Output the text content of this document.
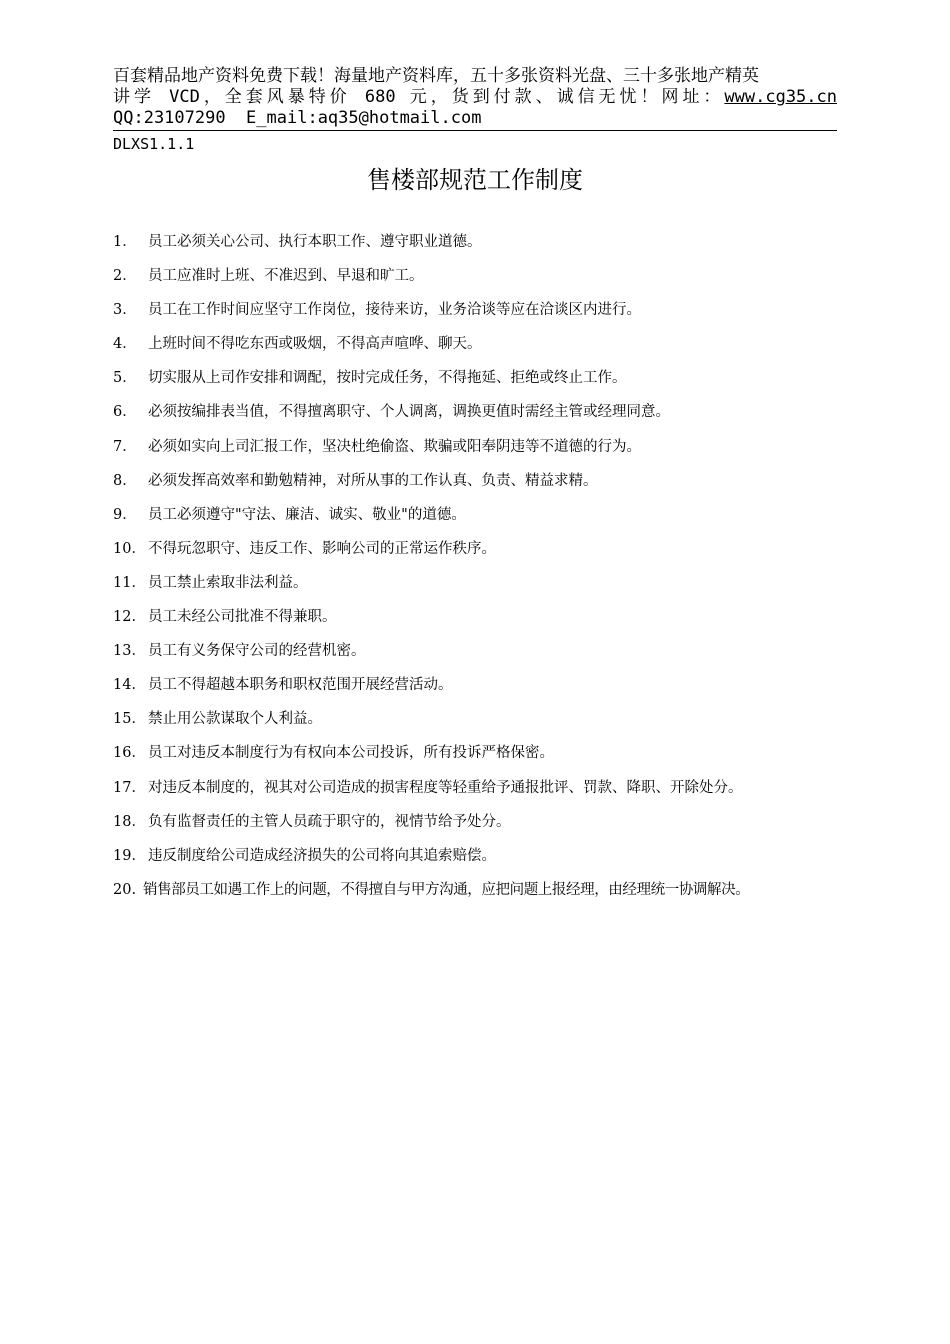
百套精品地产资料免费下载！海量地产资料库，五十多张资料光盘、三十多张地产精英
讲学 VCD，全套风暴特价 680 元，货到付款、诚信无忧！网址：www.cg35.cn
QQ:23107290  E_mail:aq35@hotmail.com
DLXS1.1.1
售楼部规范工作制度
1． 员工必须关心公司、执行本职工作、遵守职业道德。
2． 员工应准时上班、不准迟到、早退和旷工。
3． 员工在工作时间应坚守工作岗位，接待来访，业务洽谈等应在洽谈区内进行。
4． 上班时间不得吃东西或吸烟，不得高声喧哗、聊天。
5． 切实服从上司作安排和调配，按时完成任务，不得拖延、拒绝或终止工作。
6． 必须按编排表当值，不得擅离职守、个人调离，调换更值时需经主管或经理同意。
7． 必须如实向上司汇报工作，坚决杜绝偷盗、欺骗或阳奉阴违等不道德的行为。
8． 必须发挥高效率和勤勉精神，对所从事的工作认真、负责、精益求精。
9． 员工必须遵守"守法、廉洁、诚实、敬业"的道德。
10． 不得玩忽职守、违反工作、影响公司的正常运作秩序。
11． 员工禁止索取非法利益。
12． 员工未经公司批准不得兼职。
13． 员工有义务保守公司的经营机密。
14． 员工不得超越本职务和职权范围开展经营活动。
15． 禁止用公款谋取个人利益。
16． 员工对违反本制度行为有权向本公司投诉，所有投诉严格保密。
17． 对违反本制度的，视其对公司造成的损害程度等轻重给予通报批评、罚款、降职、开除处分。
18． 负有监督责任的主管人员疏于职守的，视情节给予处分。
19． 违反制度给公司造成经济损失的公司将向其追索赔偿。
20. 销售部员工如遇工作上的问题，不得擅自与甲方沟通，应把问题上报经理，由经理统一协调解决。
